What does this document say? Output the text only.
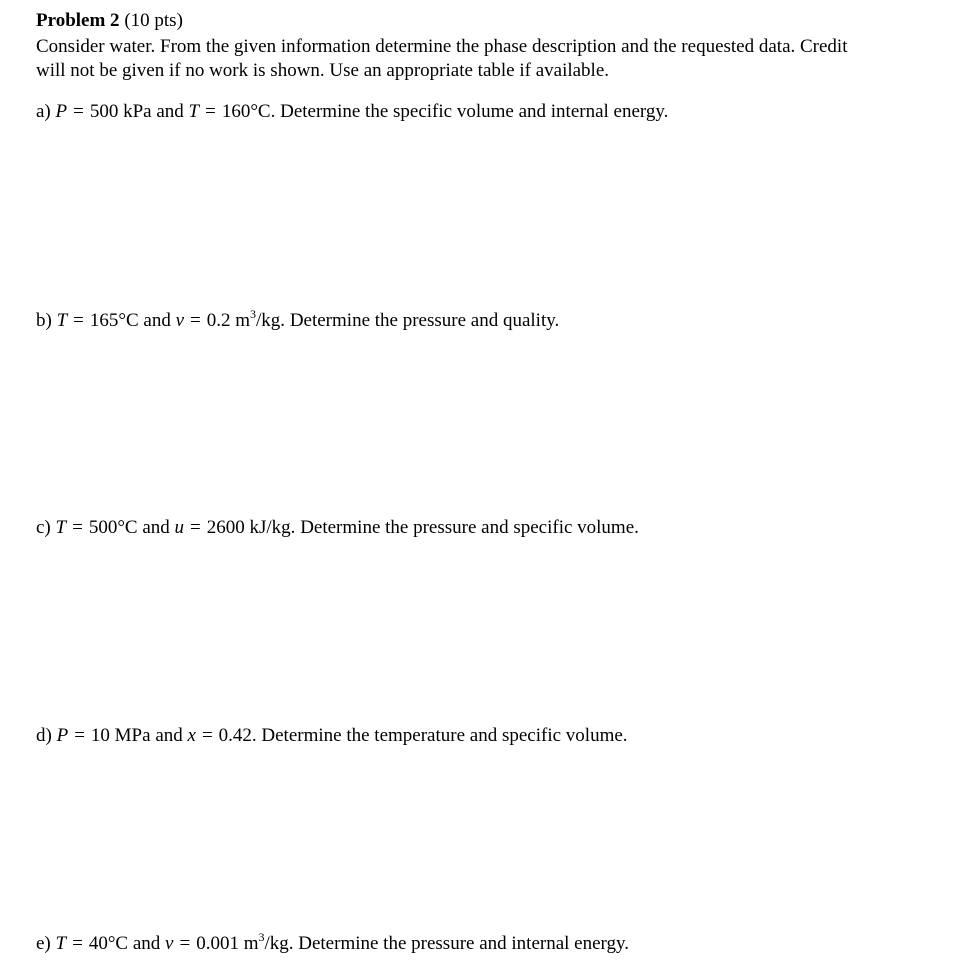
Problem 2 (10 pts)
Consider water. From the given information determine the phase description and the requested data. Credit
will not be given if no work is shown. Use an appropriate table if available.
a) P = 500 kPa and T = 160°C. Determine the specific volume and internal energy.
b) T = 165°C and ν = 0.2 $m^3/kg$. Determine the pressure and quality.
c) T = 500°C and u = 2600 kJ/kg. Determine the pressure and specific volume.
d) P = 10 MPa and x = 0.42. Determine the temperature and specific volume.
e) T = 40°C and ν = 0.001 $m^3/kg$. Determine the pressure and internal energy.
